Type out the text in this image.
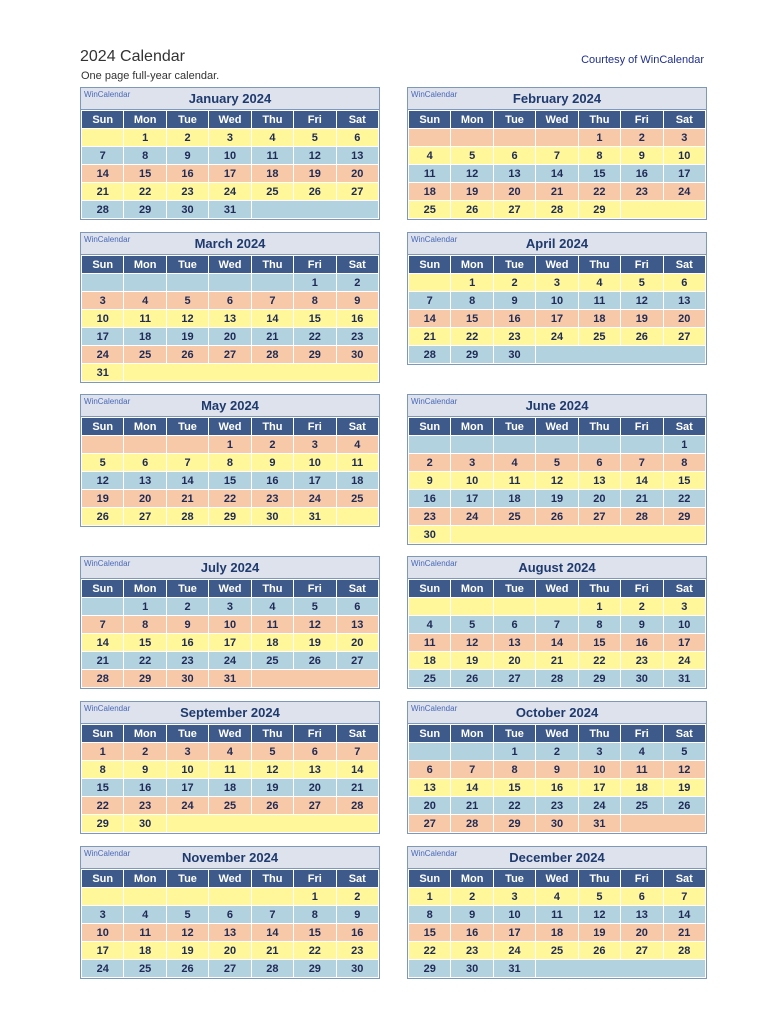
2024 Calendar
One page full-year calendar.
Courtesy of WinCalendar
WinCalendar	January 2024
Sun	Mon	Tue	Wed	Thu	Fri	Sat
	1	2	3	4	5	6
7	8	9	10	11	12	13
14	15	16	17	18	19	20
21	22	23	24	25	26	27
28	29	30	31			
WinCalendar	February 2024
Sun	Mon	Tue	Wed	Thu	Fri	Sat
				1	2	3
4	5	6	7	8	9	10
11	12	13	14	15	16	17
18	19	20	21	22	23	24
25	26	27	28	29		
WinCalendar	March 2024
Sun	Mon	Tue	Wed	Thu	Fri	Sat
					1	2
3	4	5	6	7	8	9
10	11	12	13	14	15	16
17	18	19	20	21	22	23
24	25	26	27	28	29	30
31						
WinCalendar	April 2024
Sun	Mon	Tue	Wed	Thu	Fri	Sat
	1	2	3	4	5	6
7	8	9	10	11	12	13
14	15	16	17	18	19	20
21	22	23	24	25	26	27
28	29	30				
WinCalendar	May 2024
Sun	Mon	Tue	Wed	Thu	Fri	Sat
			1	2	3	4
5	6	7	8	9	10	11
12	13	14	15	16	17	18
19	20	21	22	23	24	25
26	27	28	29	30	31	
WinCalendar	June 2024
Sun	Mon	Tue	Wed	Thu	Fri	Sat
						1
2	3	4	5	6	7	8
9	10	11	12	13	14	15
16	17	18	19	20	21	22
23	24	25	26	27	28	29
30						
WinCalendar	July 2024
Sun	Mon	Tue	Wed	Thu	Fri	Sat
	1	2	3	4	5	6
7	8	9	10	11	12	13
14	15	16	17	18	19	20
21	22	23	24	25	26	27
28	29	30	31			
WinCalendar	August 2024
Sun	Mon	Tue	Wed	Thu	Fri	Sat
				1	2	3
4	5	6	7	8	9	10
11	12	13	14	15	16	17
18	19	20	21	22	23	24
25	26	27	28	29	30	31
WinCalendar	September 2024
Sun	Mon	Tue	Wed	Thu	Fri	Sat
1	2	3	4	5	6	7
8	9	10	11	12	13	14
15	16	17	18	19	20	21
22	23	24	25	26	27	28
29	30					
WinCalendar	October 2024
Sun	Mon	Tue	Wed	Thu	Fri	Sat
		1	2	3	4	5
6	7	8	9	10	11	12
13	14	15	16	17	18	19
20	21	22	23	24	25	26
27	28	29	30	31		
WinCalendar	November 2024
Sun	Mon	Tue	Wed	Thu	Fri	Sat
					1	2
3	4	5	6	7	8	9
10	11	12	13	14	15	16
17	18	19	20	21	22	23
24	25	26	27	28	29	30
WinCalendar	December 2024
Sun	Mon	Tue	Wed	Thu	Fri	Sat
1	2	3	4	5	6	7
8	9	10	11	12	13	14
15	16	17	18	19	20	21
22	23	24	25	26	27	28
29	30	31				
